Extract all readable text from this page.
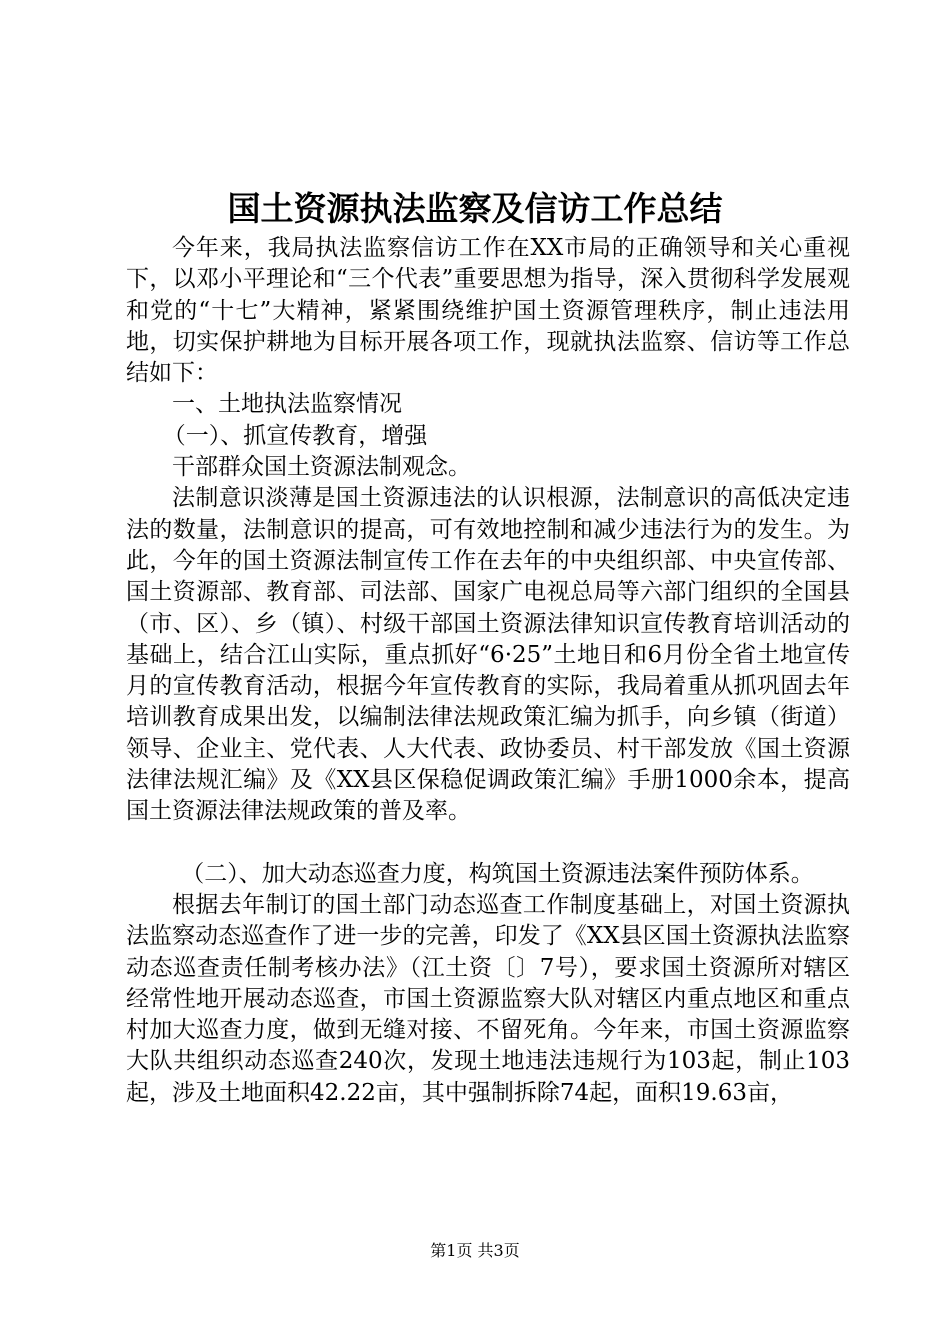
国土资源执法监察及信访工作总结

今年来，我局执法监察信访工作在XX市局的正确领导和关心重视下，以邓小平理论和“三个代表”重要思想为指导，深入贯彻科学发展观和党的“十七”大精神，紧紧围绕维护国土资源管理秩序，制止违法用地，切实保护耕地为目标开展各项工作，现就执法监察、信访等工作总结如下：

一、土地执法监察情况

（一）、抓宣传教育，增强

干部群众国土资源法制观念。

法制意识淡薄是国土资源违法的认识根源，法制意识的高低决定违法的数量，法制意识的提高，可有效地控制和减少违法行为的发生。为此，今年的国土资源法制宣传工作在去年的中央组织部、中央宣传部、国土资源部、教育部、司法部、国家广电视总局等六部门组织的全国县（市、区）、乡（镇）、村级干部国土资源法律知识宣传教育培训活动的基础上，结合江山实际，重点抓好“6·25”土地日和6月份全省土地宣传月的宣传教育活动，根据今年宣传教育的实际，我局着重从抓巩固去年培训教育成果出发，以编制法律法规政策汇编为抓手，向乡镇（街道）领导、企业主、党代表、人大代表、政协委员、村干部发放《国土资源法律法规汇编》及《XX县区保稳促调政策汇编》手册1000余本，提高国土资源法律法规政策的普及率。

（二）、加大动态巡查力度，构筑国土资源违法案件预防体系。

根据去年制订的国土部门动态巡查工作制度基础上，对国土资源执法监察动态巡查作了进一步的完善，印发了《XX县区国土资源执法监察动态巡查责任制考核办法》（江土资〔〕7号），要求国土资源所对辖区经常性地开展动态巡查，市国土资源监察大队对辖区内重点地区和重点村加大巡查力度，做到无缝对接、不留死角。今年来，市国土资源监察大队共组织动态巡查240次，发现土地违法违规行为103起，制止103起，涉及土地面积42.22亩，其中强制拆除74起，面积19.63亩，

第1页 共3页
